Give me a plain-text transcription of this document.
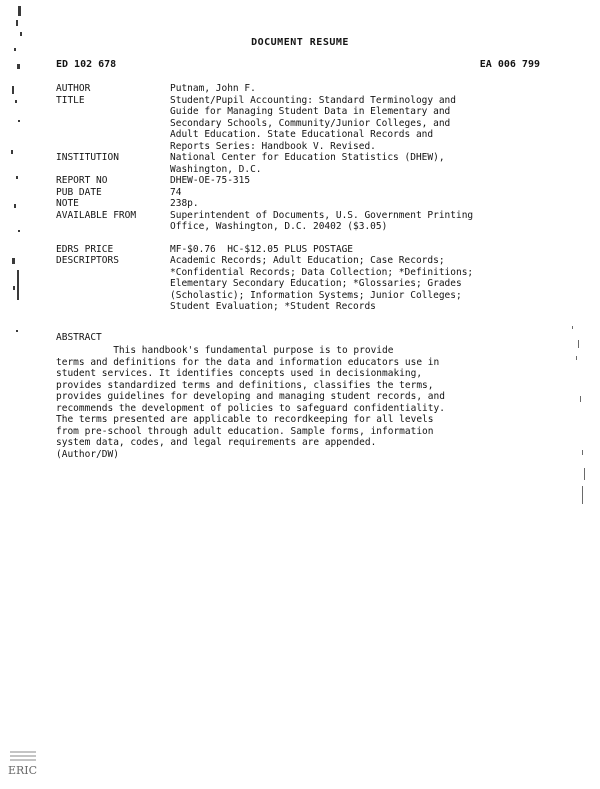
DOCUMENT RESUME
ED 102 678	EA 006 799
AUTHOR	Putnam, John F.
TITLE	Student/Pupil Accounting: Standard Terminology and
Guide for Managing Student Data in Elementary and
Secondary Schools, Community/Junior Colleges, and
Adult Education. State Educational Records and
Reports Series: Handbook V. Revised.
INSTITUTION	National Center for Education Statistics (DHEW),
Washington, D.C.
REPORT NO	DHEW-OE-75-315
PUB DATE	74
NOTE	238p.
AVAILABLE FROM	Superintendent of Documents, U.S. Government Printing
Office, Washington, D.C. 20402 ($3.05)
EDRS PRICE	MF-$0.76  HC-$12.05 PLUS POSTAGE
DESCRIPTORS	Academic Records; Adult Education; Case Records;
*Confidential Records; Data Collection; *Definitions;
Elementary Secondary Education; *Glossaries; Grades
(Scholastic); Information Systems; Junior Colleges;
Student Evaluation; *Student Records
ABSTRACT
This handbook's fundamental purpose is to provide
terms and definitions for the data and information educators use in
student services. It identifies concepts used in decisionmaking,
provides standardized terms and definitions, classifies the terms,
provides guidelines for developing and managing student records, and
recommends the development of policies to safeguard confidentiality.
The terms presented are applicable to recordkeeping for all levels
from pre-school through adult education. Sample forms, information
system data, codes, and legal requirements are appended.
(Author/DW)
ERIC
